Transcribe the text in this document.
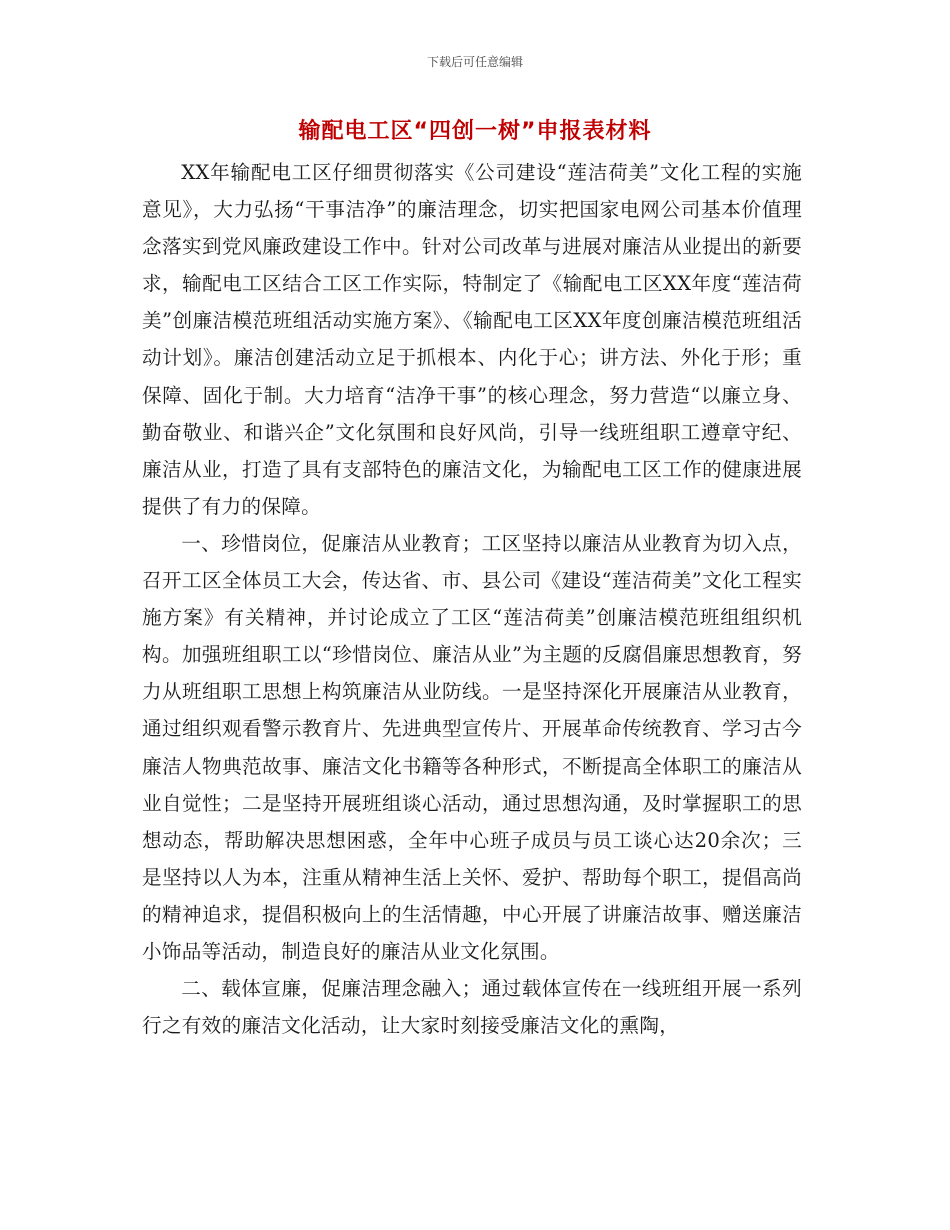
下载后可任意编辑
输配电工区“四创一树”申报表材料

XX年输配电工区仔细贯彻落实《公司建设“莲洁荷美”文化工程的实施意见》，大力弘扬“干事洁净”的廉洁理念，切实把国家电网公司基本价值理念落实到党风廉政建设工作中。针对公司改革与进展对廉洁从业提出的新要求，输配电工区结合工区工作实际，特制定了《输配电工区XX年度“莲洁荷美”创廉洁模范班组活动实施方案》、《输配电工区XX年度创廉洁模范班组活动计划》。廉洁创建活动立足于抓根本、内化于心；讲方法、外化于形；重保障、固化于制。大力培育“洁净干事”的核心理念，努力营造“以廉立身、勤奋敬业、和谐兴企”文化氛围和良好风尚，引导一线班组职工遵章守纪、廉洁从业，打造了具有支部特色的廉洁文化，为输配电工区工作的健康进展提供了有力的保障。

一、珍惜岗位，促廉洁从业教育；工区坚持以廉洁从业教育为切入点，召开工区全体员工大会，传达省、市、县公司《建设“莲洁荷美”文化工程实施方案》有关精神，并讨论成立了工区“莲洁荷美”创廉洁模范班组组织机构。加强班组职工以“珍惜岗位、廉洁从业”为主题的反腐倡廉思想教育，努力从班组职工思想上构筑廉洁从业防线。一是坚持深化开展廉洁从业教育，通过组织观看警示教育片、先进典型宣传片、开展革命传统教育、学习古今廉洁人物典范故事、廉洁文化书籍等各种形式，不断提高全体职工的廉洁从业自觉性；二是坚持开展班组谈心活动，通过思想沟通，及时掌握职工的思想动态，帮助解决思想困惑，全年中心班子成员与员工谈心达20余次；三是坚持以人为本，注重从精神生活上关怀、爱护、帮助每个职工，提倡高尚的精神追求，提倡积极向上的生活情趣，中心开展了讲廉洁故事、赠送廉洁小饰品等活动，制造良好的廉洁从业文化氛围。

二、载体宣廉，促廉洁理念融入；通过载体宣传在一线班组开展一系列行之有效的廉洁文化活动，让大家时刻接受廉洁文化的熏陶，
